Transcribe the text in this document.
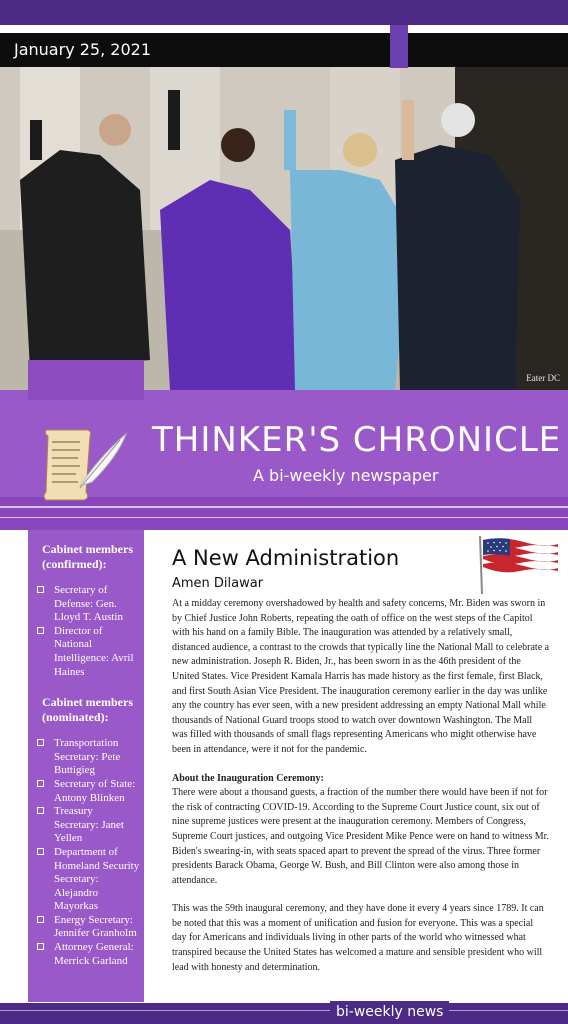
January 25, 2021
Eater DC
THINKER'S CHRONICLE
A bi-weekly newspaper
Cabinet members (confirmed):
Secretary of Defense: Gen. Lloyd T. Austin
Director of National Intelligence: Avril Haines
Cabinet members (nominated):
Transportation Secretary: Pete Buttigieg
Secretary of State: Antony Blinken
Treasury Secretary: Janet Yellen
Department of Homeland Security Secretary: Alejandro Mayorkas
Energy Secretary: Jennifer Granholm
Attorney General: Merrick Garland
A New Administration
Amen Dilawar

At a midday ceremony overshadowed by health and safety concerns, Mr. Biden was sworn in by Chief Justice John Roberts, repeating the oath of office on the west steps of the Capitol with his hand on a family Bible. The inauguration was attended by a relatively small, distanced audience, a contrast to the crowds that typically line the National Mall to celebrate a new administration. Joseph R. Biden, Jr., has been sworn in as the 46th president of the United States. Vice President Kamala Harris has made history as the first female, first Black, and first South Asian Vice President. The inauguration ceremony earlier in the day was unlike any the country has ever seen, with a new president addressing an empty National Mall while thousands of National Guard troops stood to watch over downtown Washington. The Mall was filled with thousands of small flags representing Americans who might otherwise have been in attendance, were it not for the pandemic.

About the Inauguration Ceremony:

There were about a thousand guests, a fraction of the number there would have been if not for the risk of contracting COVID-19. According to the Supreme Court Justice count, six out of nine supreme justices were present at the inauguration ceremony. Members of Congress, Supreme Court justices, and outgoing Vice President Mike Pence were on hand to witness Mr. Biden's swearing-in, with seats spaced apart to prevent the spread of the virus. Three former presidents Barack Obama, George W. Bush, and Bill Clinton were also among those in attendance.

This was the 59th inaugural ceremony, and they have done it every 4 years since 1789. It can be noted that this was a moment of unification and fusion for everyone. This was a special day for Americans and individuals living in other parts of the world who witnessed what transpired because the United States has welcomed a mature and sensible president who will lead with honesty and determination.

bi-weekly news
